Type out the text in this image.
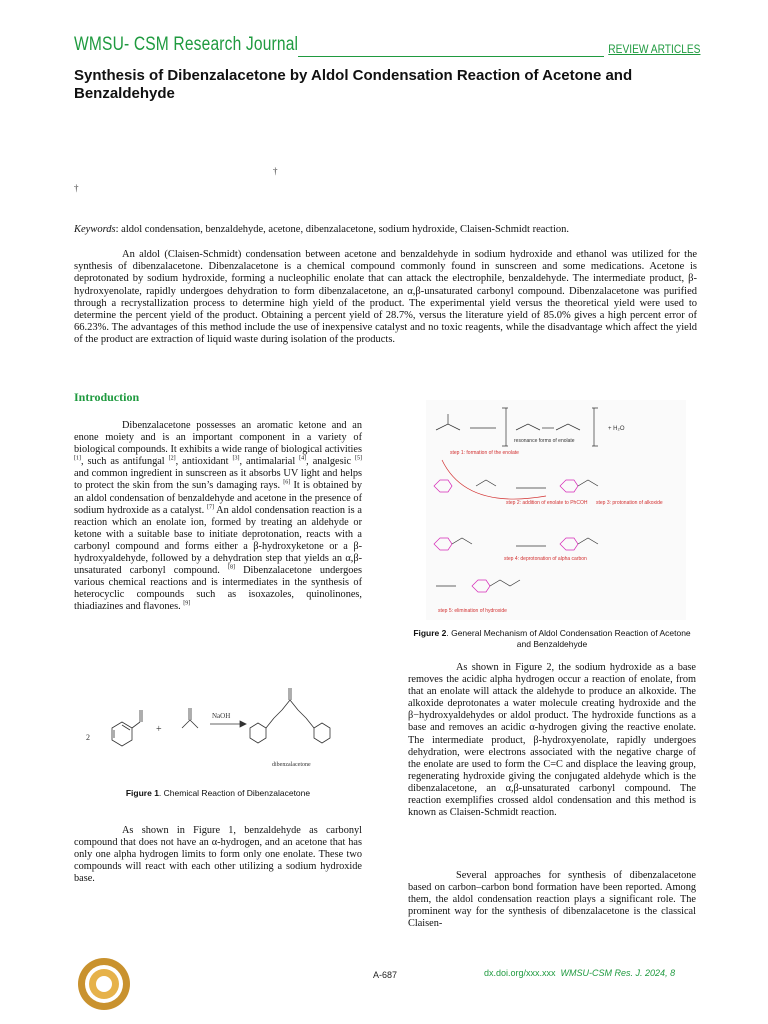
WMSU- CSM Research Journal	REVIEW ARTICLES
Synthesis of Dibenzalacetone by Aldol Condensation Reaction of Acetone and Benzaldehyde
†
†
Keywords: aldol condensation, benzaldehyde, acetone, dibenzalacetone, sodium hydroxide, Claisen-Schmidt reaction.
An aldol (Claisen-Schmidt) condensation between acetone and benzaldehyde in sodium hydroxide and ethanol was utilized for the synthesis of dibenzalacetone. Dibenzalacetone is a chemical compound commonly found in sunscreen and some medications. Acetone is deprotonated by sodium hydroxide, forming a nucleophilic enolate that can attack the electrophile, benzaldehyde. The intermediate product, β-hydroxyenolate, rapidly undergoes dehydration to form dibenzalacetone, an α,β-unsaturated carbonyl compound. Dibenzalacetone was purified through a recrystallization process to determine high yield of the product. The experimental yield versus the theoretical yield were used to determine the percent yield of the product. Obtaining a percent yield of 28.7%, versus the literature yield of 85.0% gives a high percent error of 66.23%. The advantages of this method include the use of inexpensive catalyst and no toxic reagents, while the disadvantage which affect the yield of the product are extraction of liquid waste during isolation of the products.
Introduction
Dibenzalacetone possesses an aromatic ketone and an enone moiety and is an important component in a variety of biological compounds. It exhibits a wide range of biological activities [1], such as antifungal [2], antioxidant [3], antimalarial [4], analgesic [5] and common ingredient in sunscreen as it absorbs UV light and helps to protect the skin from the sun’s damaging rays. [6] It is obtained by an aldol condensation of benzaldehyde and acetone in the presence of sodium hydroxide as a catalyst. [7] An aldol condensation reaction is a reaction which an enolate ion, formed by treating an aldehyde or ketone with a suitable base to initiate deprotonation, reacts with a carbonyl compound and forms either a β-hydroxyketone or a β-hydroxyaldehyde, followed by a dehydration step that yields an α,β-unsaturated carbonyl compound. [8] Dibenzalacetone undergoes various chemical reactions and is intermediates in the synthesis of heterocyclic compounds such as isoxazoles, quinolinones, thiadiazines and flavones. [9]
2
+
NaOH
dibenzalacetone
Figure 1. Chemical Reaction of Dibenzalacetone
As shown in Figure 1, benzaldehyde as carbonyl compound that does not have an α-hydrogen, and an acetone that has only one alpha hydrogen limits to form only one enolate. These two compounds will react with each other utilizing a sodium hydroxide base.
resonance forms of enolate
+ H₂O
step 1: formation of the enolate
step 2: addition of enolate to PhCOH step 3: protonation of alkoxide
step 4: deprotonation of alpha carbon
step 5: elimination of hydroxide
Figure 2. General Mechanism of Aldol Condensation Reaction of Acetone and Benzaldehyde
As shown in Figure 2, the sodium hydroxide as a base removes the acidic alpha hydrogen occur a reaction of enolate, from that an enolate will attack the aldehyde to produce an alkoxide. The alkoxide deprotonates a water molecule creating hydroxide and the β−hydroxyaldehydes or aldol product. The hydroxide functions as a base and removes an acidic α-hydrogen giving the reactive enolate. The intermediate product, β-hydroxyenolate, rapidly undergoes dehydration, were electrons associated with the negative charge of the enolate are used to form the C=C and displace the leaving group, regenerating hydroxide giving the conjugated aldehyde which is the dibenzalacetone, an α,β-unsaturated carbonyl compound. The reaction exemplifies crossed aldol condensation and this method is known as Claisen-Schmidt reaction.
Several approaches for synthesis of dibenzalacetone based on carbon–carbon bond formation have been reported. Among them, the aldol condensation reaction plays a significant role. The prominent way for the synthesis of dibenzalacetone is the classical Claisen-
A-687	dx.doi.org/xxx.xxx WMSU-CSM Res. J. 2024, 8
